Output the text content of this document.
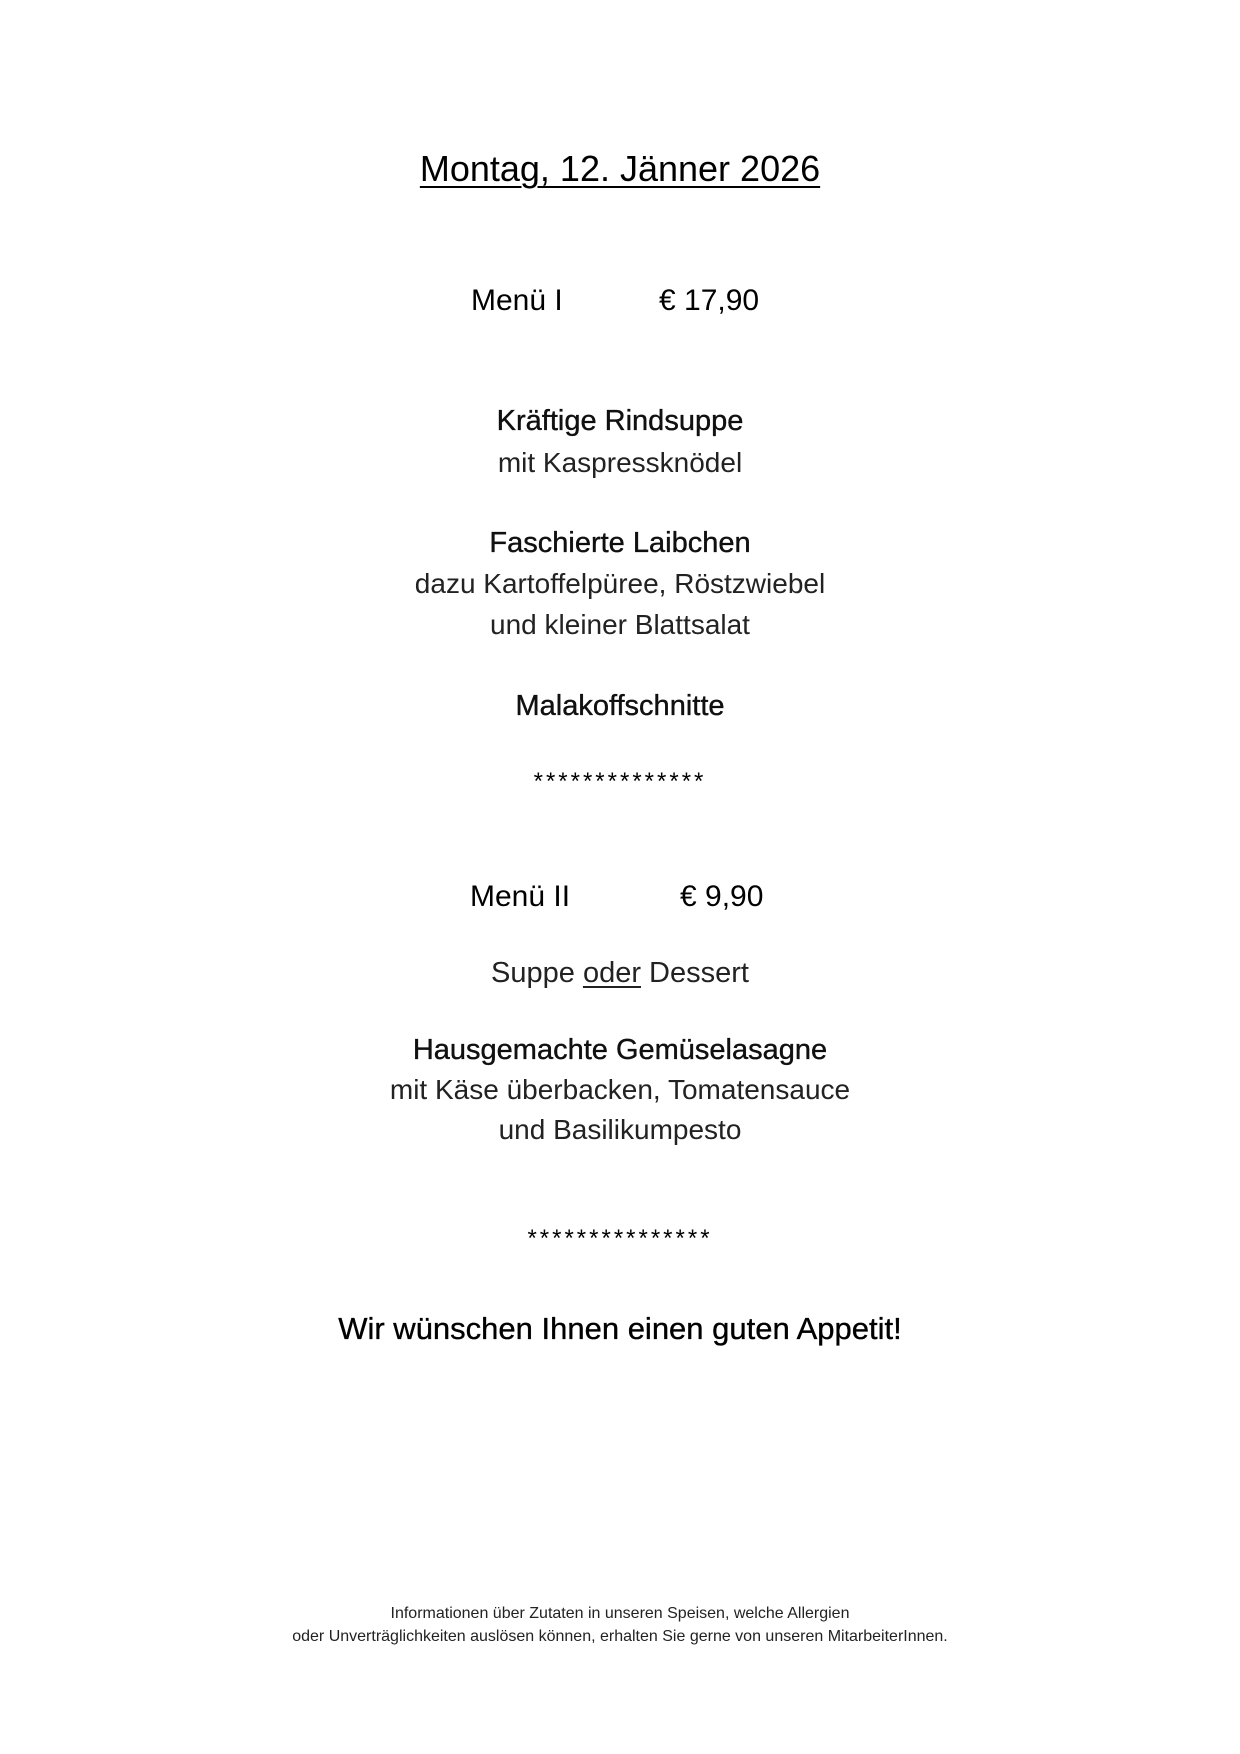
Montag, 12. Jänner 2026
Menü I	€ 17,90
Kräftige Rindsuppe
mit Kaspressknödel
Faschierte Laibchen
dazu Kartoffelpüree, Röstzwiebel
und kleiner Blattsalat
Malakoffschnitte
**************
Menü II	€ 9,90
Suppe oder Dessert
Hausgemachte Gemüselasagne
mit Käse überbacken, Tomatensauce
und Basilikumpesto
***************
Wir wünschen Ihnen einen guten Appetit!
Informationen über Zutaten in unseren Speisen, welche Allergien
oder Unverträglichkeiten auslösen können, erhalten Sie gerne von unseren MitarbeiterInnen.
